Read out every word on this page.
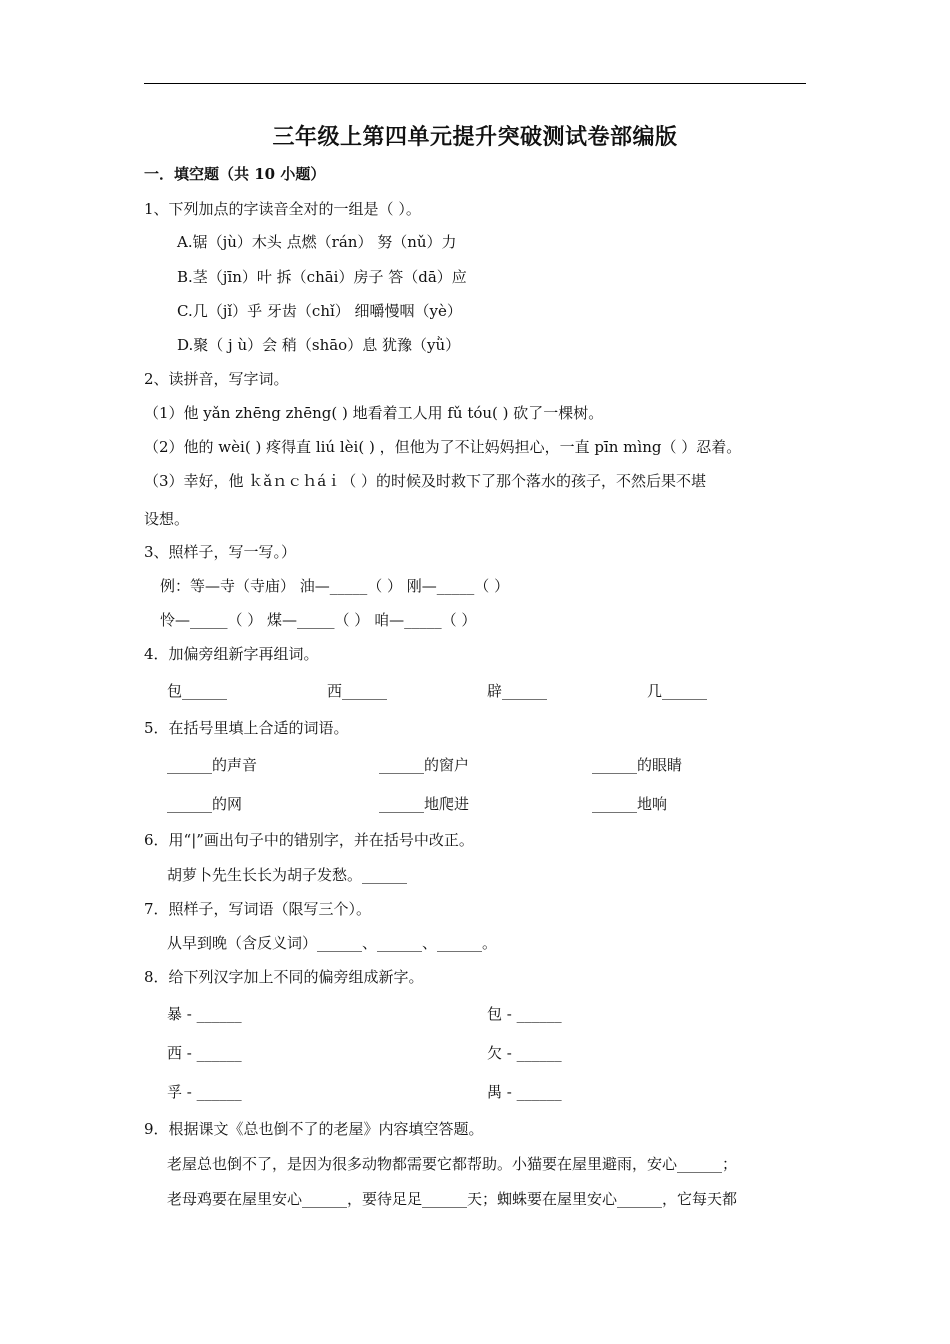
三年级上第四单元提升突破测试卷部编版
一．填空题（共 10 小题）
1、下列加点的字读音全对的一组是（ ）。
A.锯（jù）木头 点燃（rán） 努（nǔ）力
B.茎（jīn）叶 拆（chāi）房子 答（dā）应
C.几（jǐ）乎 牙齿（chǐ） 细嚼慢咽（yè）
D.聚（ j ù）会 稍（shāo）息 犹豫（yǜ）
2、读拼音，写字词。
（1）他 yǎn zhēng zhēng( ) 地看着工人用 fǔ tóu( ) 砍了一棵树。
（2）他的 wèi( ) 疼得直 liú lèi( ) ，但他为了不让妈妈担心，一直 pīn mìng（ ）忍着。
（3）幸好，他 ｋǎｎｃｈáｉ（ ）的时候及时救下了那个落水的孩子，不然后果不堪
设想。
3、照样子，写一写。）
例：等—寺（寺庙） 油—_____（ ） 刚—_____（ ）
怜—_____（ ） 煤—_____（ ） 咱—_____（ ）
4．加偏旁组新字再组词。
包______	西______	辟______	几______
5．在括号里填上合适的词语。
______的声音	______的窗户	______的眼睛
______的网	______地爬进	______地响
6．用“|”画出句子中的错别字，并在括号中改正。
胡萝卜先生长长为胡子发愁。______
7．照样子，写词语（限写三个）。
从早到晚（含反义词）______、______、______。
8．给下列汉字加上不同的偏旁组成新字。
暴 - ______	包 - ______
西 - ______	欠 - ______
孚 - ______	禺 - ______
9．根据课文《总也倒不了的老屋》内容填空答题。
老屋总也倒不了，是因为很多动物都需要它都帮助。小猫要在屋里避雨，安心______；
老母鸡要在屋里安心______，要待足足______天；蜘蛛要在屋里安心______，它每天都
